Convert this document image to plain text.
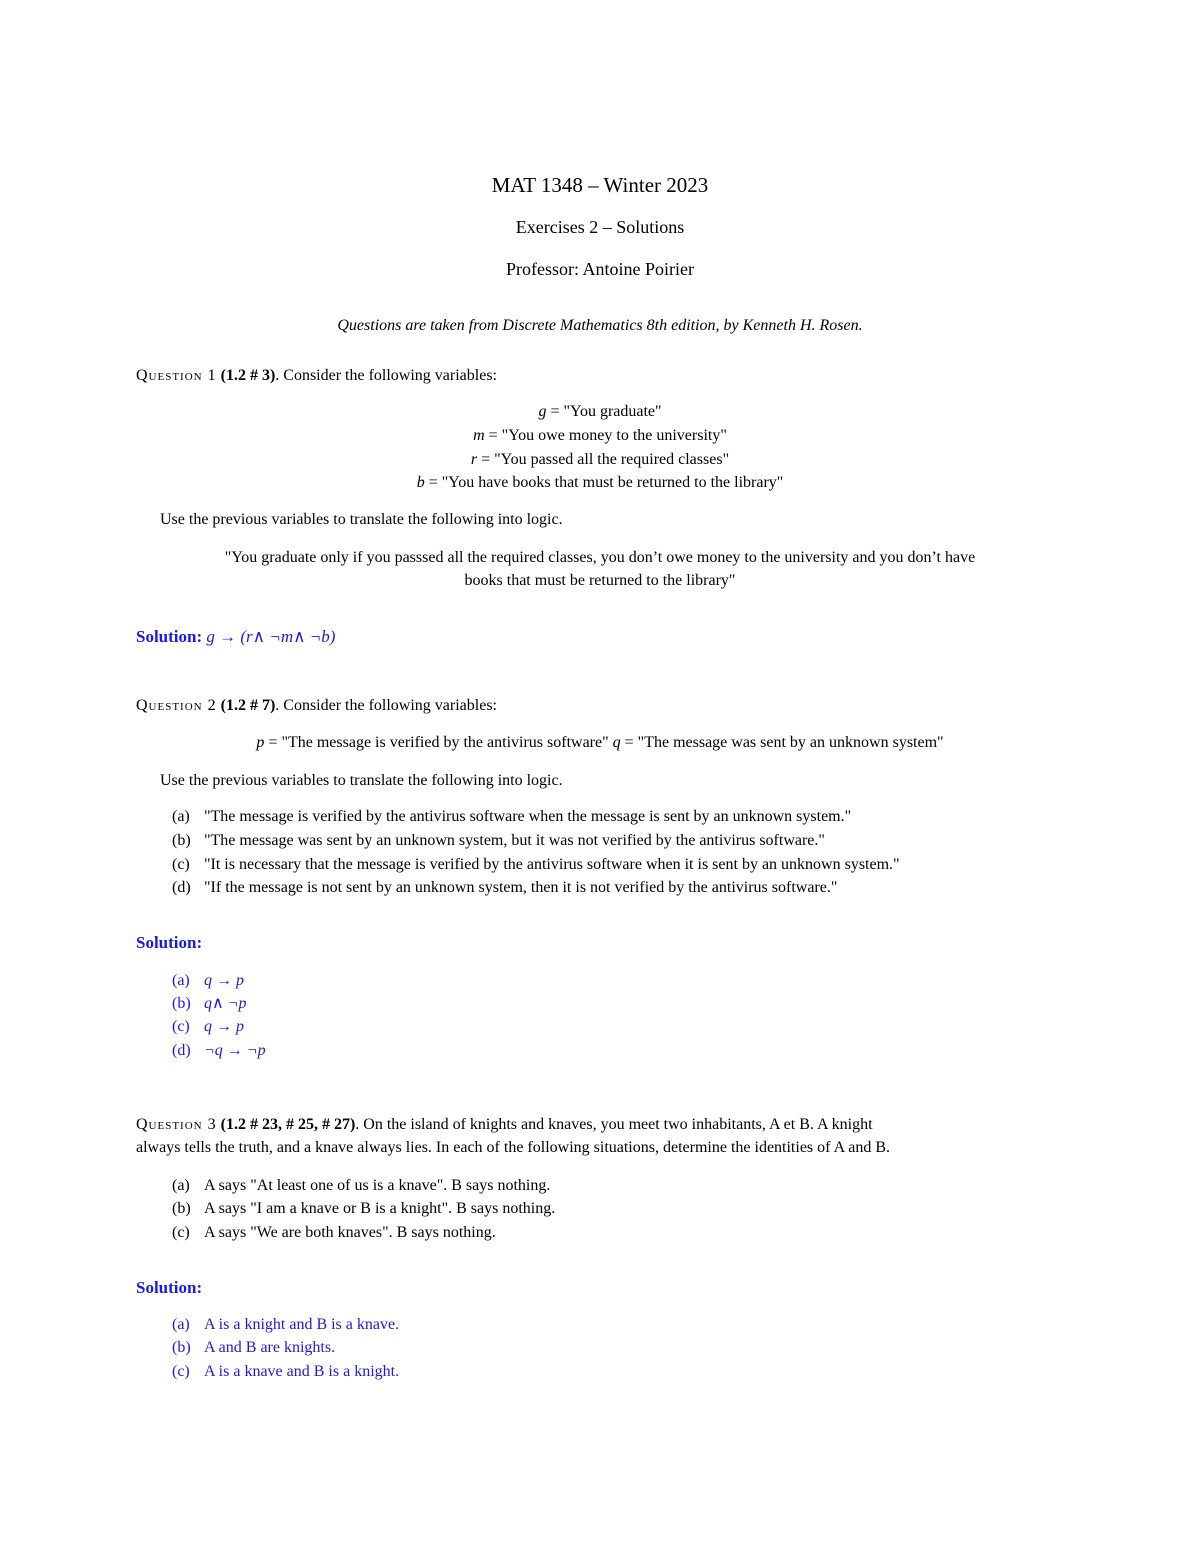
MAT 1348 – Winter 2023
Exercises 2 – Solutions
Professor: Antoine Poirier
Questions are taken from Discrete Mathematics 8th edition, by Kenneth H. Rosen.
Question 1 (1.2 # 3). Consider the following variables:
g = "You graduate"
m = "You owe money to the university"
r = "You passed all the required classes"
b = "You have books that must be returned to the library"
Use the previous variables to translate the following into logic.
"You graduate only if you passsed all the required classes, you don’t owe money to the university and you don’t have
books that must be returned to the library"
Solution: g → (r∧ ¬m∧ ¬b)
Question 2 (1.2 # 7). Consider the following variables:
p = "The message is verified by the antivirus software" q = "The message was sent by an unknown system"
Use the previous variables to translate the following into logic.
(a) "The message is verified by the antivirus software when the message is sent by an unknown system."
(b) "The message was sent by an unknown system, but it was not verified by the antivirus software."
(c) "It is necessary that the message is verified by the antivirus software when it is sent by an unknown system."
(d) "If the message is not sent by an unknown system, then it is not verified by the antivirus software."
Solution:
(a) q → p
(b) q∧ ¬p
(c) q → p
(d) ¬q → ¬p
Question 3 (1.2 # 23, # 25, # 27). On the island of knights and knaves, you meet two inhabitants, A et B. A knight
always tells the truth, and a knave always lies. In each of the following situations, determine the identities of A and B.
(a) A says "At least one of us is a knave". B says nothing.
(b) A says "I am a knave or B is a knight". B says nothing.
(c) A says "We are both knaves". B says nothing.
Solution:
(a) A is a knight and B is a knave.
(b) A and B are knights.
(c) A is a knave and B is a knight.
